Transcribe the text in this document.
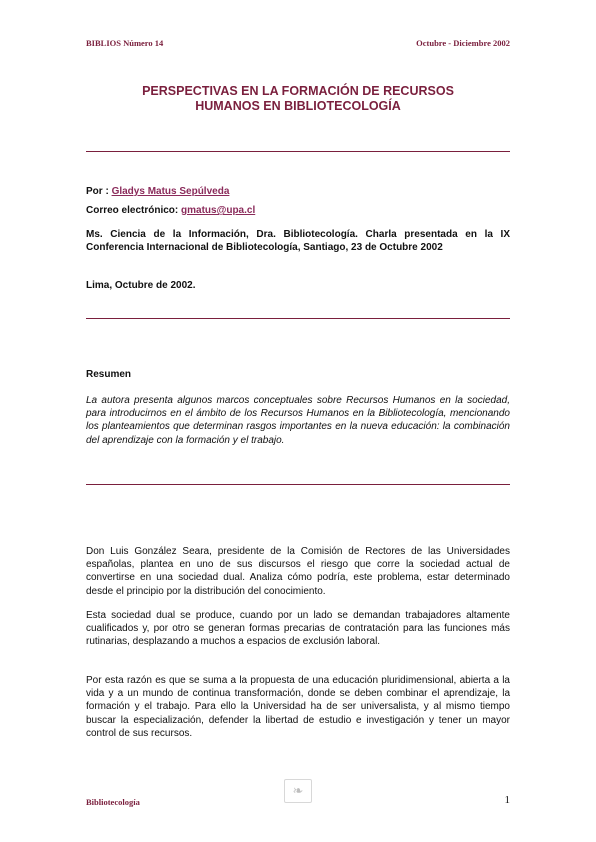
BIBLIOS Número 14	Octubre - Diciembre 2002
PERSPECTIVAS EN LA FORMACIÓN DE RECURSOS
HUMANOS EN BIBLIOTECOLOGÍA
Por : Gladys Matus Sepúlveda
Correo electrónico: gmatus@upa.cl
Ms. Ciencia de la Información, Dra. Bibliotecología. Charla presentada en la IX Conferencia Internacional de Bibliotecología, Santiago, 23 de Octubre 2002
Lima, Octubre de 2002.
Resumen
La autora presenta algunos marcos conceptuales sobre Recursos Humanos en la sociedad, para introducirnos en el ámbito de los Recursos Humanos en la Bibliotecología, mencionando los planteamientos que determinan rasgos importantes en la nueva educación: la combinación del aprendizaje con la formación y el trabajo.
Don Luis González Seara, presidente de la Comisión de Rectores de las Universidades españolas, plantea en uno de sus discursos el riesgo que corre la sociedad actual de convertirse en una sociedad dual. Analiza cómo podría, este problema, estar determinado desde el principio por la distribución del conocimiento.
Esta sociedad dual se produce, cuando por un lado se demandan trabajadores altamente cualificados y, por otro se generan formas precarias de contratación para las funciones más rutinarias, desplazando a muchos a espacios de exclusión laboral.
Por esta razón es que se suma a la propuesta de una educación pluridimensional, abierta a la vida y a un mundo de continua transformación, donde se deben combinar el aprendizaje, la formación y el trabajo. Para ello la Universidad ha de ser universalista, y al mismo tiempo buscar la especialización, defender la libertad de estudio e investigación y tener un mayor control de sus recursos.
❧
Bibliotecología	1
